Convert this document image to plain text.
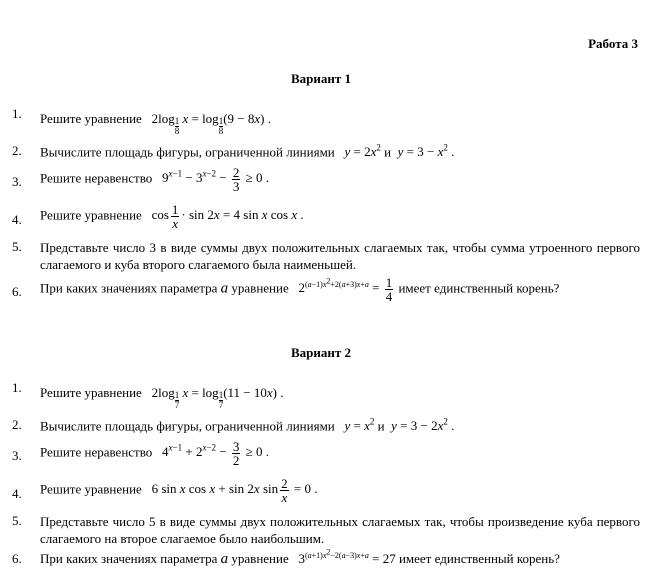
Работа 3
Вариант 1
1. Решите уравнение   $2\log \frac{1}{8}$ $x = \log \frac{1}{8}(9 - 8x)$ .
2. Вычислите площадь фигуры, ограниченной линиями $y = 2x^2$ и $y = 3 - x^2$ .
3. Решите неравенство   $9^{x-1} - 3^{x-2} - \frac{2}{3} \ge 0$ .
4. Решите уравнение   $\cos \frac{1}{x} \cdot \sin 2x = 4$ sin x cos x .
5. Представьте число 3 в виде суммы двух положительных слагаемых так, чтобы сумма утроенного первого слагаемого и куба второго слагаемого была наименьшей.
6. При каких значениях параметра a уравнение   $2^{(a-1)x^2+2(a+3)x+a} = \frac{1}{4}$ имеет единственный корень?
Вариант 2
1. Решите уравнение   $2\log \frac{1}{7}$ $x = \log \frac{1}{7}(11 - 10x)$ .
2. Вычислите площадь фигуры, ограниченной линиями $y = x^2$ и $y = 3 - 2x^2$ .
3. Решите неравенство   $4^{x-1} + 2^{x-2} - \frac{3}{2} \ge 0$ .
4. Решите уравнение   6 sin x cos x + sin 2x $\sin \frac{2}{x} = 0$ .
5. Представьте число 5 в виде суммы двух положительных слагаемых так, чтобы произведение куба первого слагаемого на второе слагаемое было наибольшим.
6. При каких значениях параметра a уравнение   $3^{(a+1)x^2-2(a-3)x+a} = 27$ имеет единственный корень?
